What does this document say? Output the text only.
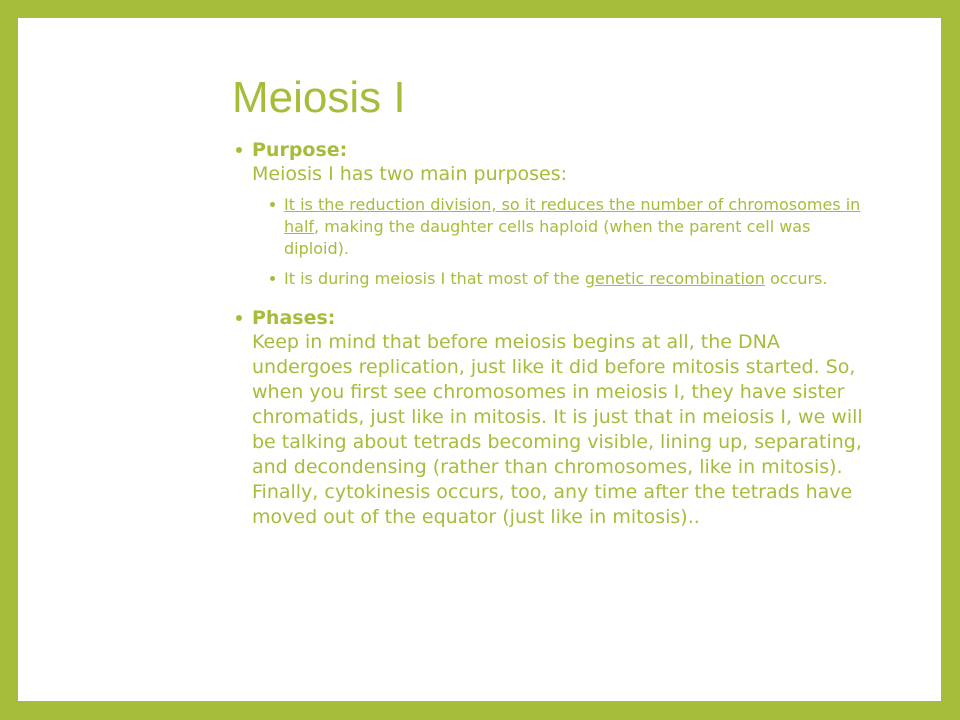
Meiosis I
Purpose:
Meiosis I has two main purposes:
It is the reduction division, so it reduces the number of chromosomes in half, making the daughter cells haploid (when the parent cell was diploid).
It is during meiosis I that most of the genetic recombination occurs.
Phases:
Keep in mind that before meiosis begins at all, the DNA undergoes replication, just like it did before mitosis started. So, when you first see chromosomes in meiosis I, they have sister chromatids, just like in mitosis. It is just that in meiosis I, we will be talking about tetrads becoming visible, lining up, separating, and decondensing (rather than chromosomes, like in mitosis). Finally, cytokinesis occurs, too, any time after the tetrads have moved out of the equator (just like in mitosis)..
